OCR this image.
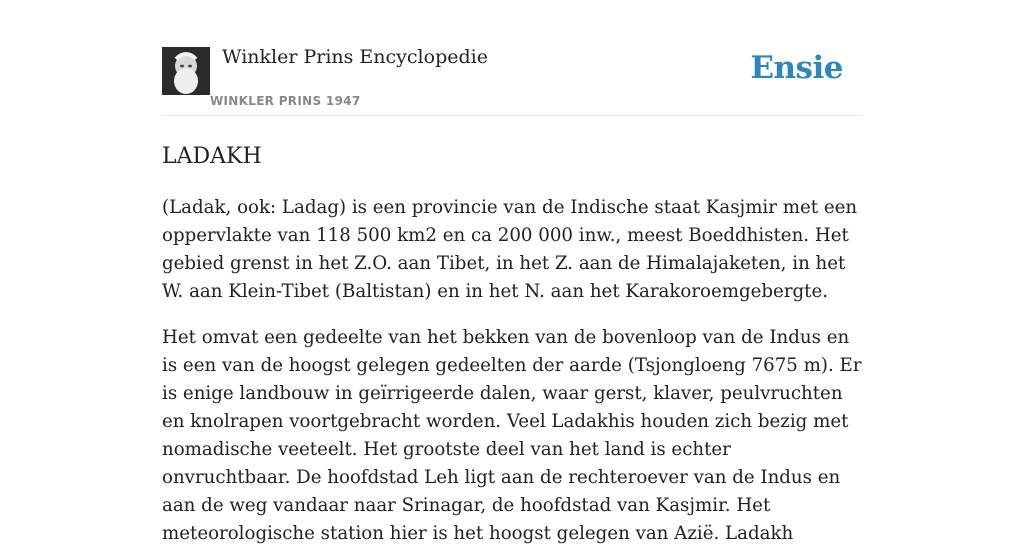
Winkler Prins Encyclopedie
WINKLER PRINS 1947
Ensie
LADAKH

(Ladak, ook: Ladag) is een provincie van de Indische staat Kasjmir met een oppervlakte van 118 500 km2 en ca 200 000 inw., meest Boeddhisten. Het gebied grenst in het Z.O. aan Tibet, in het Z. aan de Himalajaketen, in het W. aan Klein-Tibet (Baltistan) en in het N. aan het Karakoroemgebergte.

Het omvat een gedeelte van het bekken van de bovenloop van de Indus en is een van de hoogst gelegen gedeelten der aarde (Tsjongloeng 7675 m). Er is enige landbouw in geïrrigeerde dalen, waar gerst, klaver, peulvruchten en knolrapen voortgebracht worden. Veel Ladakhis houden zich bezig met nomadische veeteelt. Het grootste deel van het land is echter onvruchtbaar. De hoofdstad Leh ligt aan de rechteroever van de Indus en aan de weg vandaar naar Srinagar, de hoofdstad van Kasjmir. Het meteorologische station hier is het hoogst gelegen van Azië. Ladakh
